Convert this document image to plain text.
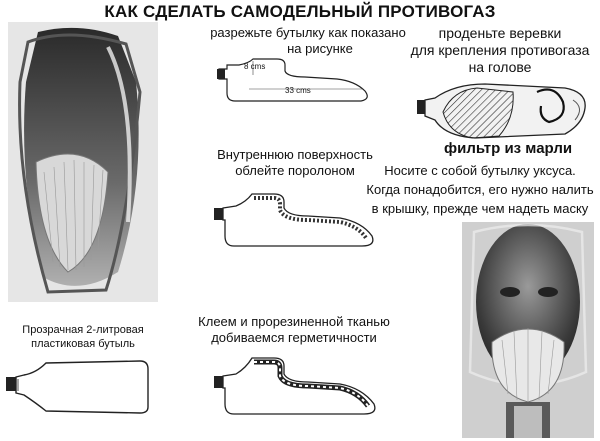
КАК СДЕЛАТЬ САМОДЕЛЬНЫЙ ПРОТИВОГАЗ
разрежьте бутылку как показано
на рисунке
8 cms
33 cms
проденьте веревки
для крепления противогаза
на голове
фильтр из марли
Внутреннюю поверхность
облейте поролоном	Носите с собой бутылку уксуса.
Когда понадобится, его нужно налить
в крышку, прежде чем надеть маску
Прозрачная 2-литровая
пластиковая бутыль
Клеем и прорезиненной тканью
добиваемся герметичности
